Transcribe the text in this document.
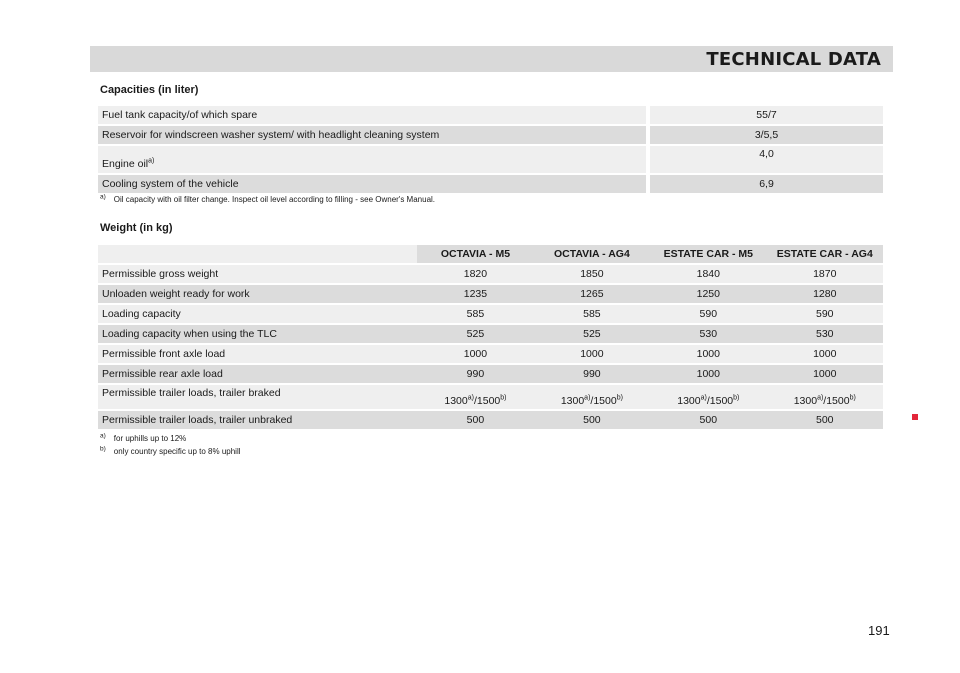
TECHNICAL DATA
Capacities (in liter)
Fuel tank capacity/of which spare		55/7
Reservoir for windscreen washer system/ with headlight cleaning system		3/5,5
Engine oil$^{a)}$		4,0
Cooling system of the vehicle		6,9
$^{a)}$ Oil capacity with oil filter change. Inspect oil level according to filling - see Owner's Manual.
Weight (in kg)
	OCTAVIA - M5	OCTAVIA - AG4	ESTATE CAR - M5	ESTATE CAR - AG4
Permissible gross weight	1820	1850	1840	1870
Unloaden weight ready for work	1235	1265	1250	1280
Loading capacity	585	585	590	590
Loading capacity when using the TLC	525	525	530	530
Permissible front axle load	1000	1000	1000	1000
Permissible rear axle load	990	990	1000	1000
Permissible trailer loads, trailer braked	1300$^{a)}$/1500$^{b)}$	1300$^{a)}$/1500$^{b)}$	1300$^{a)}$/1500$^{b)}$	1300$^{a)}$/1500$^{b)}$
Permissible trailer loads, trailer unbraked	500	500	500	500
$^{a)}$ for uphills up to 12%
$^{b)}$ only country specific up to 8% uphill
191
